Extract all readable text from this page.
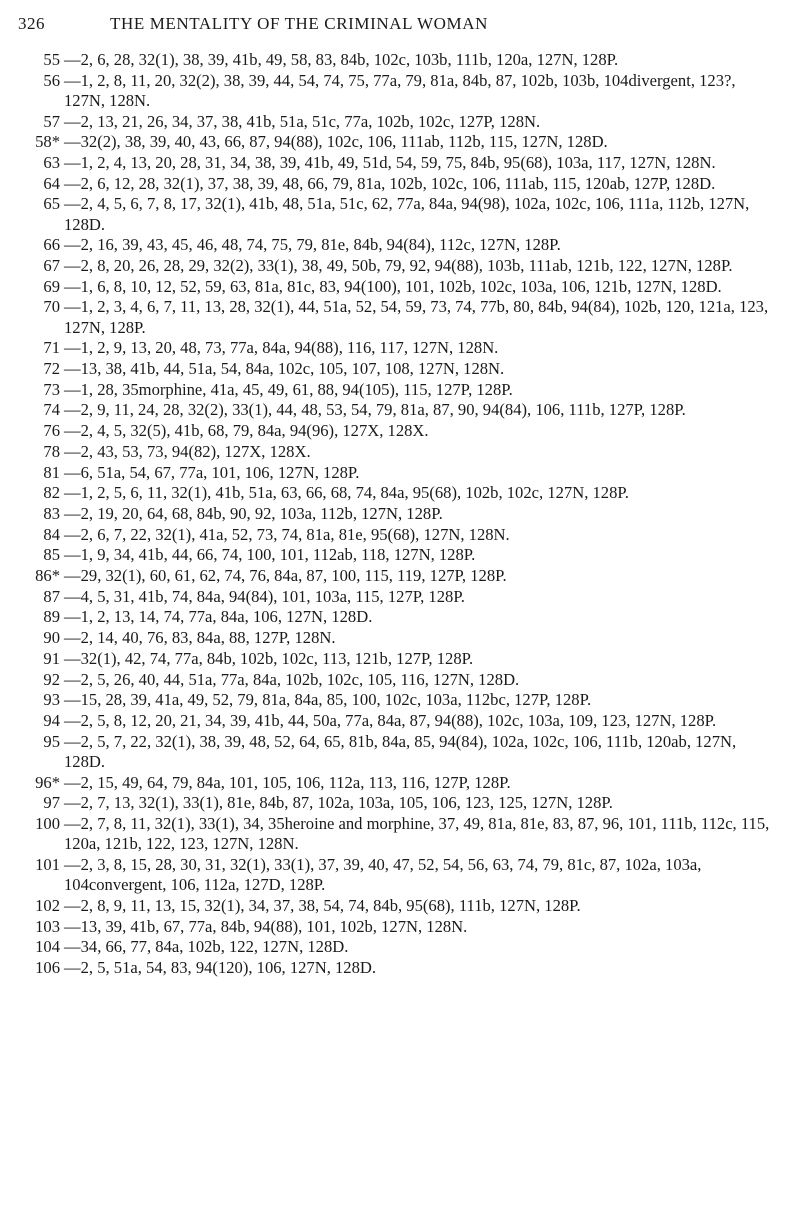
326	THE MENTALITY OF THE CRIMINAL WOMAN
55 —2, 6, 28, 32(1), 38, 39, 41b, 49, 58, 83, 84b, 102c, 103b, 111b, 120a, 127N, 128P.
56 —1, 2, 8, 11, 20, 32(2), 38, 39, 44, 54, 74, 75, 77a, 79, 81a, 84b, 87, 102b, 103b, 104divergent, 123?, 127N, 128N.
57 —2, 13, 21, 26, 34, 37, 38, 41b, 51a, 51c, 77a, 102b, 102c, 127P, 128N.
58* —32(2), 38, 39, 40, 43, 66, 87, 94(88), 102c, 106, 111ab, 112b, 115, 127N, 128D.
63 —1, 2, 4, 13, 20, 28, 31, 34, 38, 39, 41b, 49, 51d, 54, 59, 75, 84b, 95(68), 103a, 117, 127N, 128N.
64 —2, 6, 12, 28, 32(1), 37, 38, 39, 48, 66, 79, 81a, 102b, 102c, 106, 111ab, 115, 120ab, 127P, 128D.
65 —2, 4, 5, 6, 7, 8, 17, 32(1), 41b, 48, 51a, 51c, 62, 77a, 84a, 94(98), 102a, 102c, 106, 111a, 112b, 127N, 128D.
66 —2, 16, 39, 43, 45, 46, 48, 74, 75, 79, 81e, 84b, 94(84), 112c, 127N, 128P.
67 —2, 8, 20, 26, 28, 29, 32(2), 33(1), 38, 49, 50b, 79, 92, 94(88), 103b, 111ab, 121b, 122, 127N, 128P.
69 —1, 6, 8, 10, 12, 52, 59, 63, 81a, 81c, 83, 94(100), 101, 102b, 102c, 103a, 106, 121b, 127N, 128D.
70 —1, 2, 3, 4, 6, 7, 11, 13, 28, 32(1), 44, 51a, 52, 54, 59, 73, 74, 77b, 80, 84b, 94(84), 102b, 120, 121a, 123, 127N, 128P.
71 —1, 2, 9, 13, 20, 48, 73, 77a, 84a, 94(88), 116, 117, 127N, 128N.
72 —13, 38, 41b, 44, 51a, 54, 84a, 102c, 105, 107, 108, 127N, 128N.
73 —1, 28, 35morphine, 41a, 45, 49, 61, 88, 94(105), 115, 127P, 128P.
74 —2, 9, 11, 24, 28, 32(2), 33(1), 44, 48, 53, 54, 79, 81a, 87, 90, 94(84), 106, 111b, 127P, 128P.
76 —2, 4, 5, 32(5), 41b, 68, 79, 84a, 94(96), 127X, 128X.
78 —2, 43, 53, 73, 94(82), 127X, 128X.
81 —6, 51a, 54, 67, 77a, 101, 106, 127N, 128P.
82 —1, 2, 5, 6, 11, 32(1), 41b, 51a, 63, 66, 68, 74, 84a, 95(68), 102b, 102c, 127N, 128P.
83 —2, 19, 20, 64, 68, 84b, 90, 92, 103a, 112b, 127N, 128P.
84 —2, 6, 7, 22, 32(1), 41a, 52, 73, 74, 81a, 81e, 95(68), 127N, 128N.
85 —1, 9, 34, 41b, 44, 66, 74, 100, 101, 112ab, 118, 127N, 128P.
86* —29, 32(1), 60, 61, 62, 74, 76, 84a, 87, 100, 115, 119, 127P, 128P.
87 —4, 5, 31, 41b, 74, 84a, 94(84), 101, 103a, 115, 127P, 128P.
89 —1, 2, 13, 14, 74, 77a, 84a, 106, 127N, 128D.
90 —2, 14, 40, 76, 83, 84a, 88, 127P, 128N.
91 —32(1), 42, 74, 77a, 84b, 102b, 102c, 113, 121b, 127P, 128P.
92 —2, 5, 26, 40, 44, 51a, 77a, 84a, 102b, 102c, 105, 116, 127N, 128D.
93 —15, 28, 39, 41a, 49, 52, 79, 81a, 84a, 85, 100, 102c, 103a, 112bc, 127P, 128P.
94 —2, 5, 8, 12, 20, 21, 34, 39, 41b, 44, 50a, 77a, 84a, 87, 94(88), 102c, 103a, 109, 123, 127N, 128P.
95 —2, 5, 7, 22, 32(1), 38, 39, 48, 52, 64, 65, 81b, 84a, 85, 94(84), 102a, 102c, 106, 111b, 120ab, 127N, 128D.
96* —2, 15, 49, 64, 79, 84a, 101, 105, 106, 112a, 113, 116, 127P, 128P.
97 —2, 7, 13, 32(1), 33(1), 81e, 84b, 87, 102a, 103a, 105, 106, 123, 125, 127N, 128P.
100 —2, 7, 8, 11, 32(1), 33(1), 34, 35heroine and morphine, 37, 49, 81a, 81e, 83, 87, 96, 101, 111b, 112c, 115, 120a, 121b, 122, 123, 127N, 128N.
101 —2, 3, 8, 15, 28, 30, 31, 32(1), 33(1), 37, 39, 40, 47, 52, 54, 56, 63, 74, 79, 81c, 87, 102a, 103a, 104convergent, 106, 112a, 127D, 128P.
102 —2, 8, 9, 11, 13, 15, 32(1), 34, 37, 38, 54, 74, 84b, 95(68), 111b, 127N, 128P.
103 —13, 39, 41b, 67, 77a, 84b, 94(88), 101, 102b, 127N, 128N.
104 —34, 66, 77, 84a, 102b, 122, 127N, 128D.
106 —2, 5, 51a, 54, 83, 94(120), 106, 127N, 128D.
